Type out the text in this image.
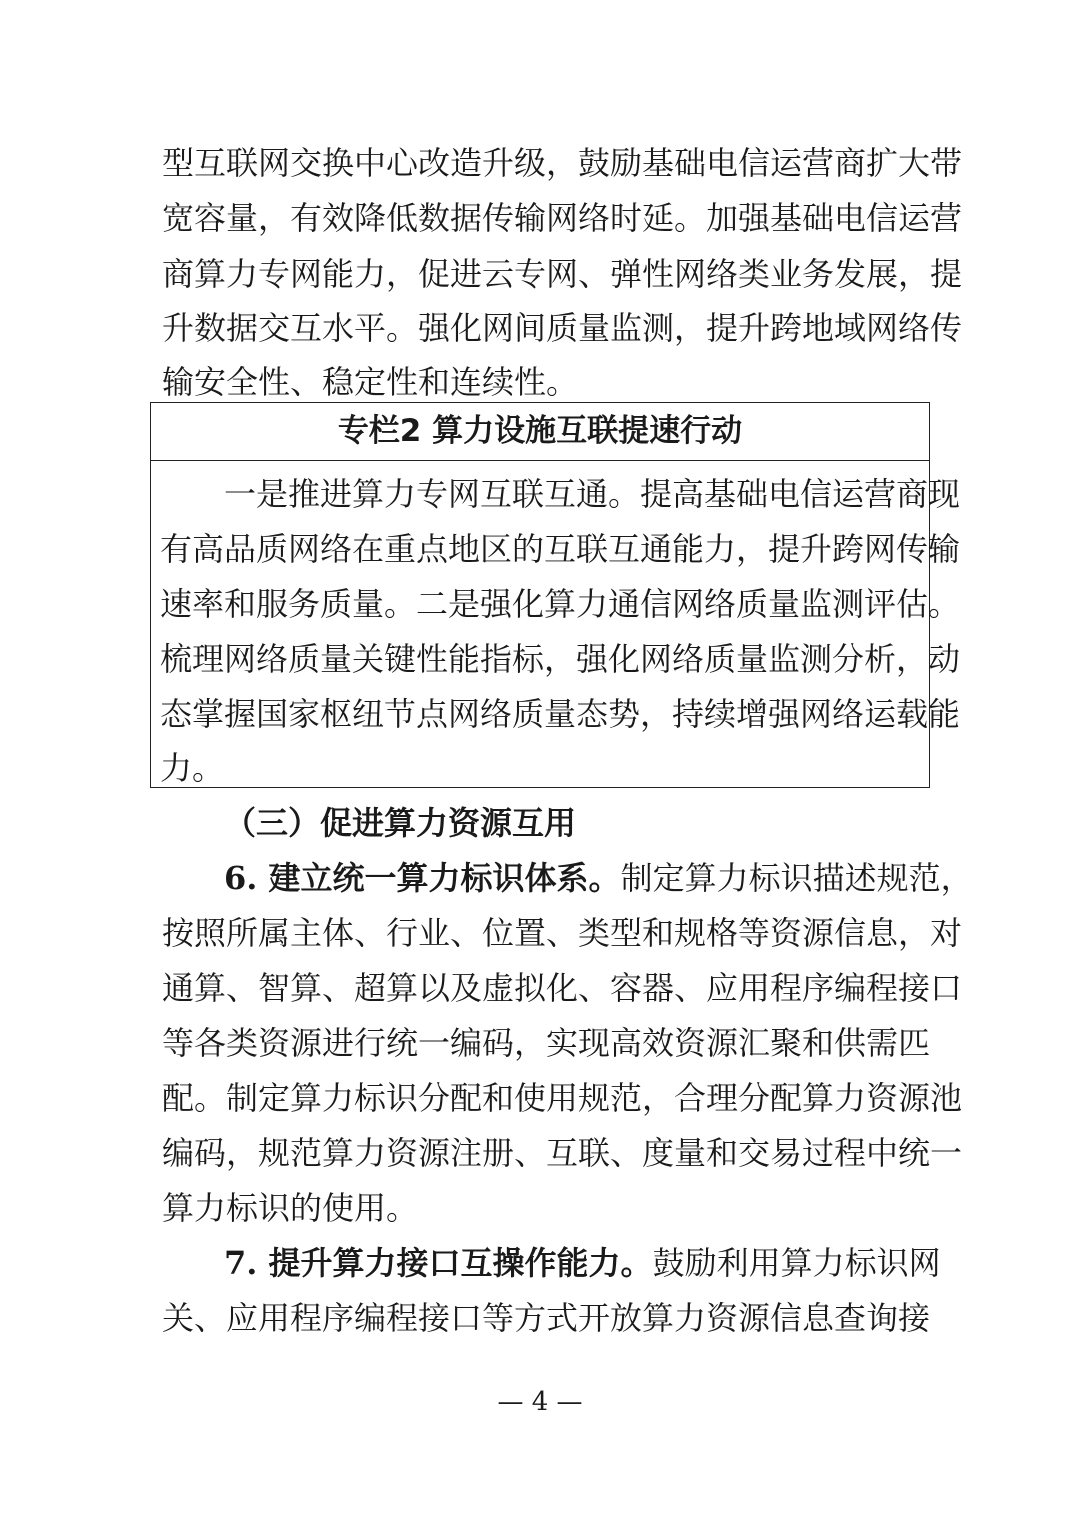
型互联网交换中心改造升级，鼓励基础电信运营商扩大带
宽容量，有效降低数据传输网络时延。加强基础电信运营
商算力专网能力，促进云专网、弹性网络类业务发展，提
升数据交互水平。强化网间质量监测，提升跨地域网络传
输安全性、稳定性和连续性。
专栏2 算力设施互联提速行动
一是推进算力专网互联互通。提高基础电信运营商现
有高品质网络在重点地区的互联互通能力，提升跨网传输
速率和服务质量。二是强化算力通信网络质量监测评估。
梳理网络质量关键性能指标，强化网络质量监测分析，动
态掌握国家枢纽节点网络质量态势，持续增强网络运载能
力。
（三）促进算力资源互用
6. 建立统一算力标识体系。制定算力标识描述规范，
按照所属主体、行业、位置、类型和规格等资源信息，对
通算、智算、超算以及虚拟化、容器、应用程序编程接口
等各类资源进行统一编码，实现高效资源汇聚和供需匹
配。制定算力标识分配和使用规范，合理分配算力资源池
编码，规范算力资源注册、互联、度量和交易过程中统一
算力标识的使用。
7. 提升算力接口互操作能力。鼓励利用算力标识网
关、应用程序编程接口等方式开放算力资源信息查询接
— 4 —
